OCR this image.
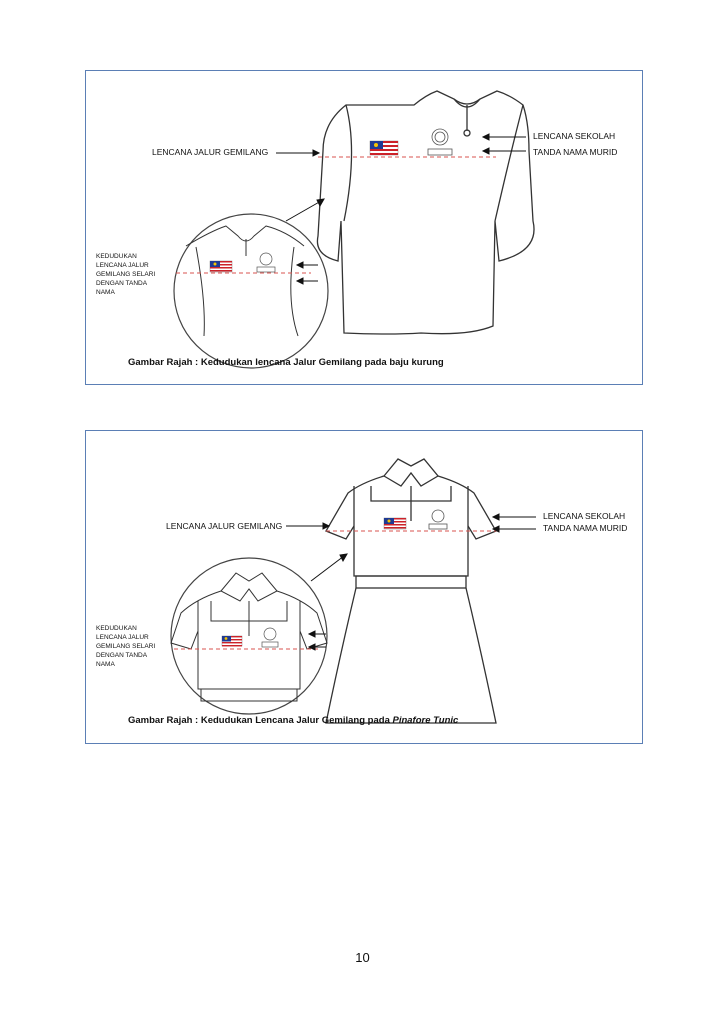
LENCANA JALUR GEMILANG
LENCANA SEKOLAH
TANDA NAMA MURID
KEDUDUKAN
LENCANA JALUR
GEMILANG SELARI
DENGAN TANDA
NAMA
Gambar Rajah : Kedudukan lencana Jalur Gemilang pada baju kurung
LENCANA JALUR GEMILANG
LENCANA SEKOLAH
TANDA NAMA MURID
KEDUDUKAN
LENCANA JALUR
GEMILANG SELARI
DENGAN TANDA
NAMA
Gambar Rajah : Kedudukan Lencana Jalur Gemilang pada Pinafore Tunic
10
